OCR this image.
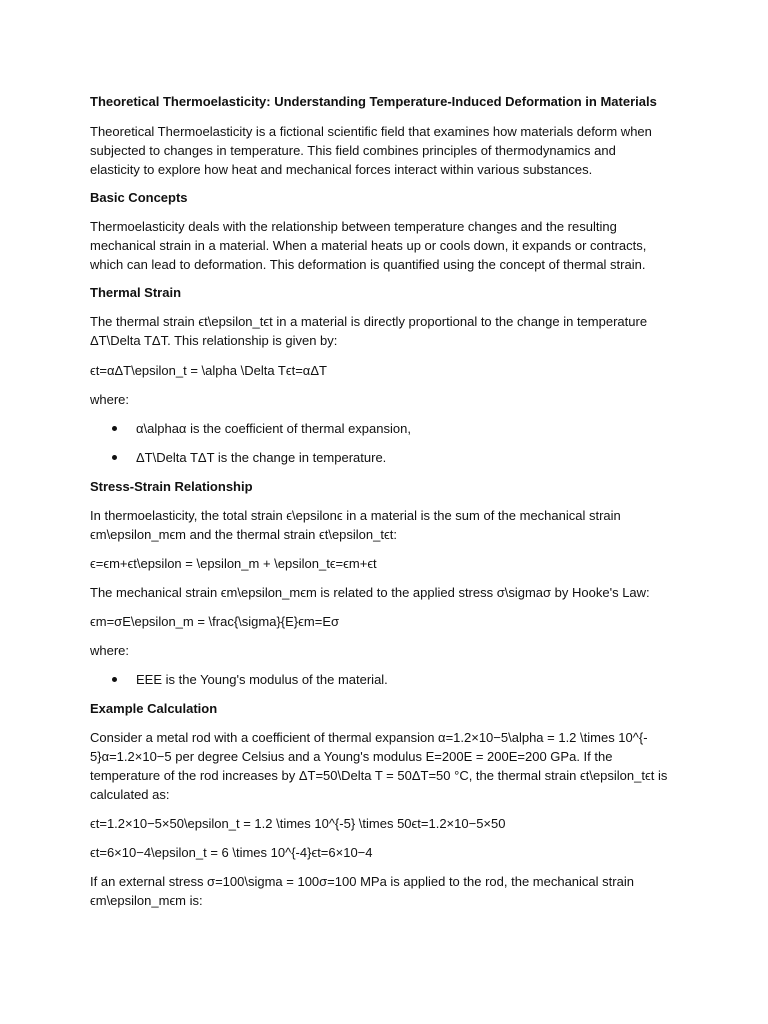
Theoretical Thermoelasticity: Understanding Temperature-Induced Deformation in Materials

Theoretical Thermoelasticity is a fictional scientific field that examines how materials deform when
subjected to changes in temperature. This field combines principles of thermodynamics and
elasticity to explore how heat and mechanical forces interact within various substances.

Basic Concepts

Thermoelasticity deals with the relationship between temperature changes and the resulting
mechanical strain in a material. When a material heats up or cools down, it expands or contracts,
which can lead to deformation. This deformation is quantified using the concept of thermal strain.

Thermal Strain

The thermal strain ϵt\epsilon_tϵt in a material is directly proportional to the change in temperature
ΔT\Delta TΔT. This relationship is given by:

ϵt=αΔT\epsilon_t = \alpha \Delta Tϵt=αΔT

where:

α\alphaα is the coefficient of thermal expansion,
ΔT\Delta TΔT is the change in temperature.

Stress-Strain Relationship

In thermoelasticity, the total strain ϵ\epsilonϵ in a material is the sum of the mechanical strain
ϵm\epsilon_mϵm and the thermal strain ϵt\epsilon_tϵt:

ϵ=ϵm+ϵt\epsilon = \epsilon_m + \epsilon_tϵ=ϵm+ϵt

The mechanical strain ϵm\epsilon_mϵm is related to the applied stress σ\sigmaσ by Hooke's Law:

ϵm=σE\epsilon_m = \frac{\sigma}{E}ϵm=Eσ

where:

EEE is the Young's modulus of the material.

Example Calculation

Consider a metal rod with a coefficient of thermal expansion α=1.2×10−5\alpha = 1.2 \times 10^{-
5}α=1.2×10−5 per degree Celsius and a Young's modulus E=200E = 200E=200 GPa. If the
temperature of the rod increases by ΔT=50\Delta T = 50ΔT=50 °C, the thermal strain ϵt\epsilon_tϵt is
calculated as:

ϵt=1.2×10−5×50\epsilon_t = 1.2 \times 10^{-5} \times 50ϵt=1.2×10−5×50

ϵt=6×10−4\epsilon_t = 6 \times 10^{-4}ϵt=6×10−4

If an external stress σ=100\sigma = 100σ=100 MPa is applied to the rod, the mechanical strain
ϵm\epsilon_mϵm is:
